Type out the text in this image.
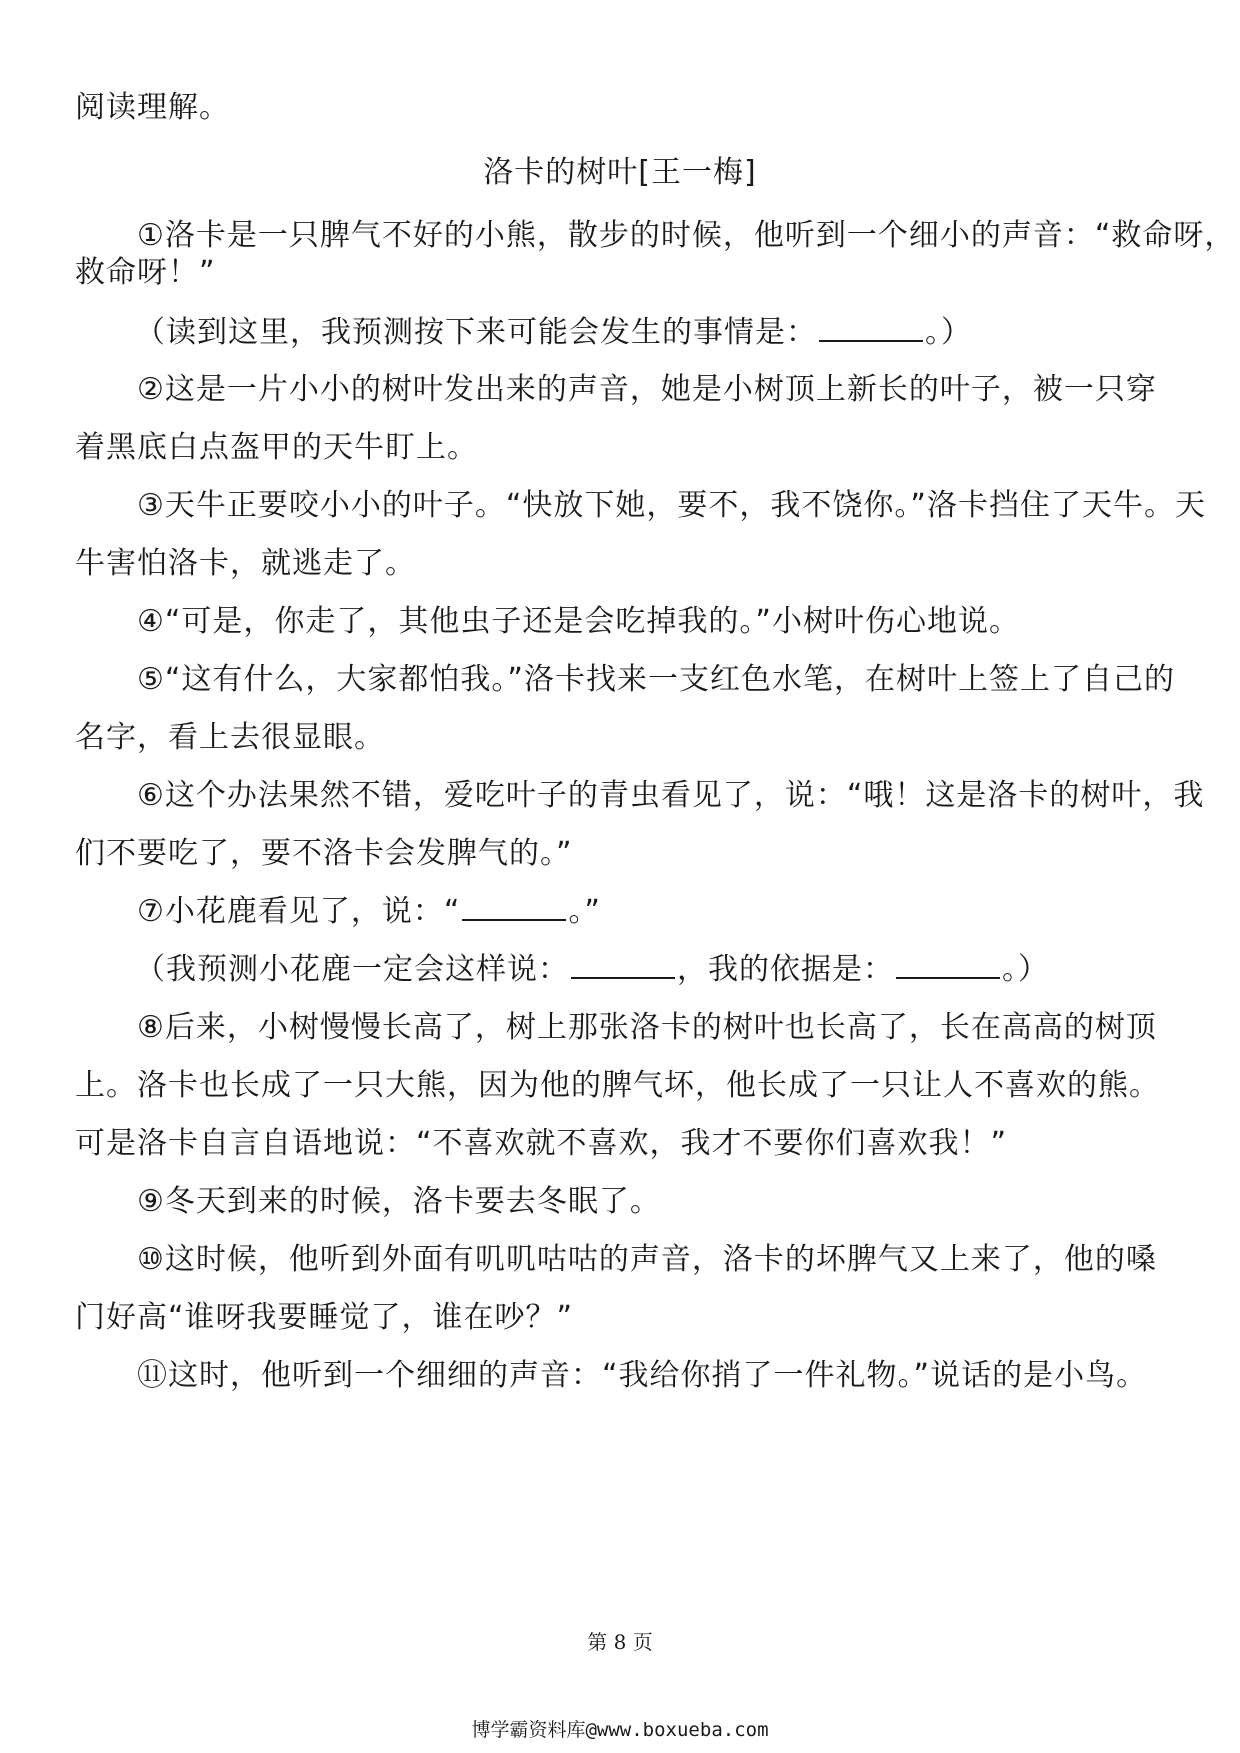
阅读理解。
洛卡的树叶[王一梅]
①洛卡是一只脾气不好的小熊，散步的时候，他听到一个细小的声音：“救命呀，
救命呀！”
（读到这里，我预测按下来可能会发生的事情是：	。）
②这是一片小小的树叶发出来的声音，她是小树顶上新长的叶子，被一只穿
着黑底白点盔甲的天牛盯上。
③天牛正要咬小小的叶子。“快放下她，要不，我不饶你。”洛卡挡住了天牛。天
牛害怕洛卡，就逃走了。
④“可是，你走了，其他虫子还是会吃掉我的。”小树叶伤心地说。
⑤“这有什么，大家都怕我。”洛卡找来一支红色水笔，在树叶上签上了自己的
名字，看上去很显眼。
⑥这个办法果然不错，爱吃叶子的青虫看见了，说：“哦！这是洛卡的树叶，我
们不要吃了，要不洛卡会发脾气的。”
⑦小花鹿看见了，说：“	。”
（我预测小花鹿一定会这样说：	，我的依据是：	。）
⑧后来，小树慢慢长高了，树上那张洛卡的树叶也长高了，长在高高的树顶
上。洛卡也长成了一只大熊，因为他的脾气坏，他长成了一只让人不喜欢的熊。
可是洛卡自言自语地说：“不喜欢就不喜欢，我才不要你们喜欢我！”
⑨冬天到来的时候，洛卡要去冬眠了。
⑩这时候，他听到外面有叽叽咕咕的声音，洛卡的坏脾气又上来了，他的嗓
门好高“谁呀我要睡觉了，谁在吵？”
⑪这时，他听到一个细细的声音：“我给你捎了一件礼物。”说话的是小鸟。
第 8 页
博学霸资料库@www.boxueba.com
